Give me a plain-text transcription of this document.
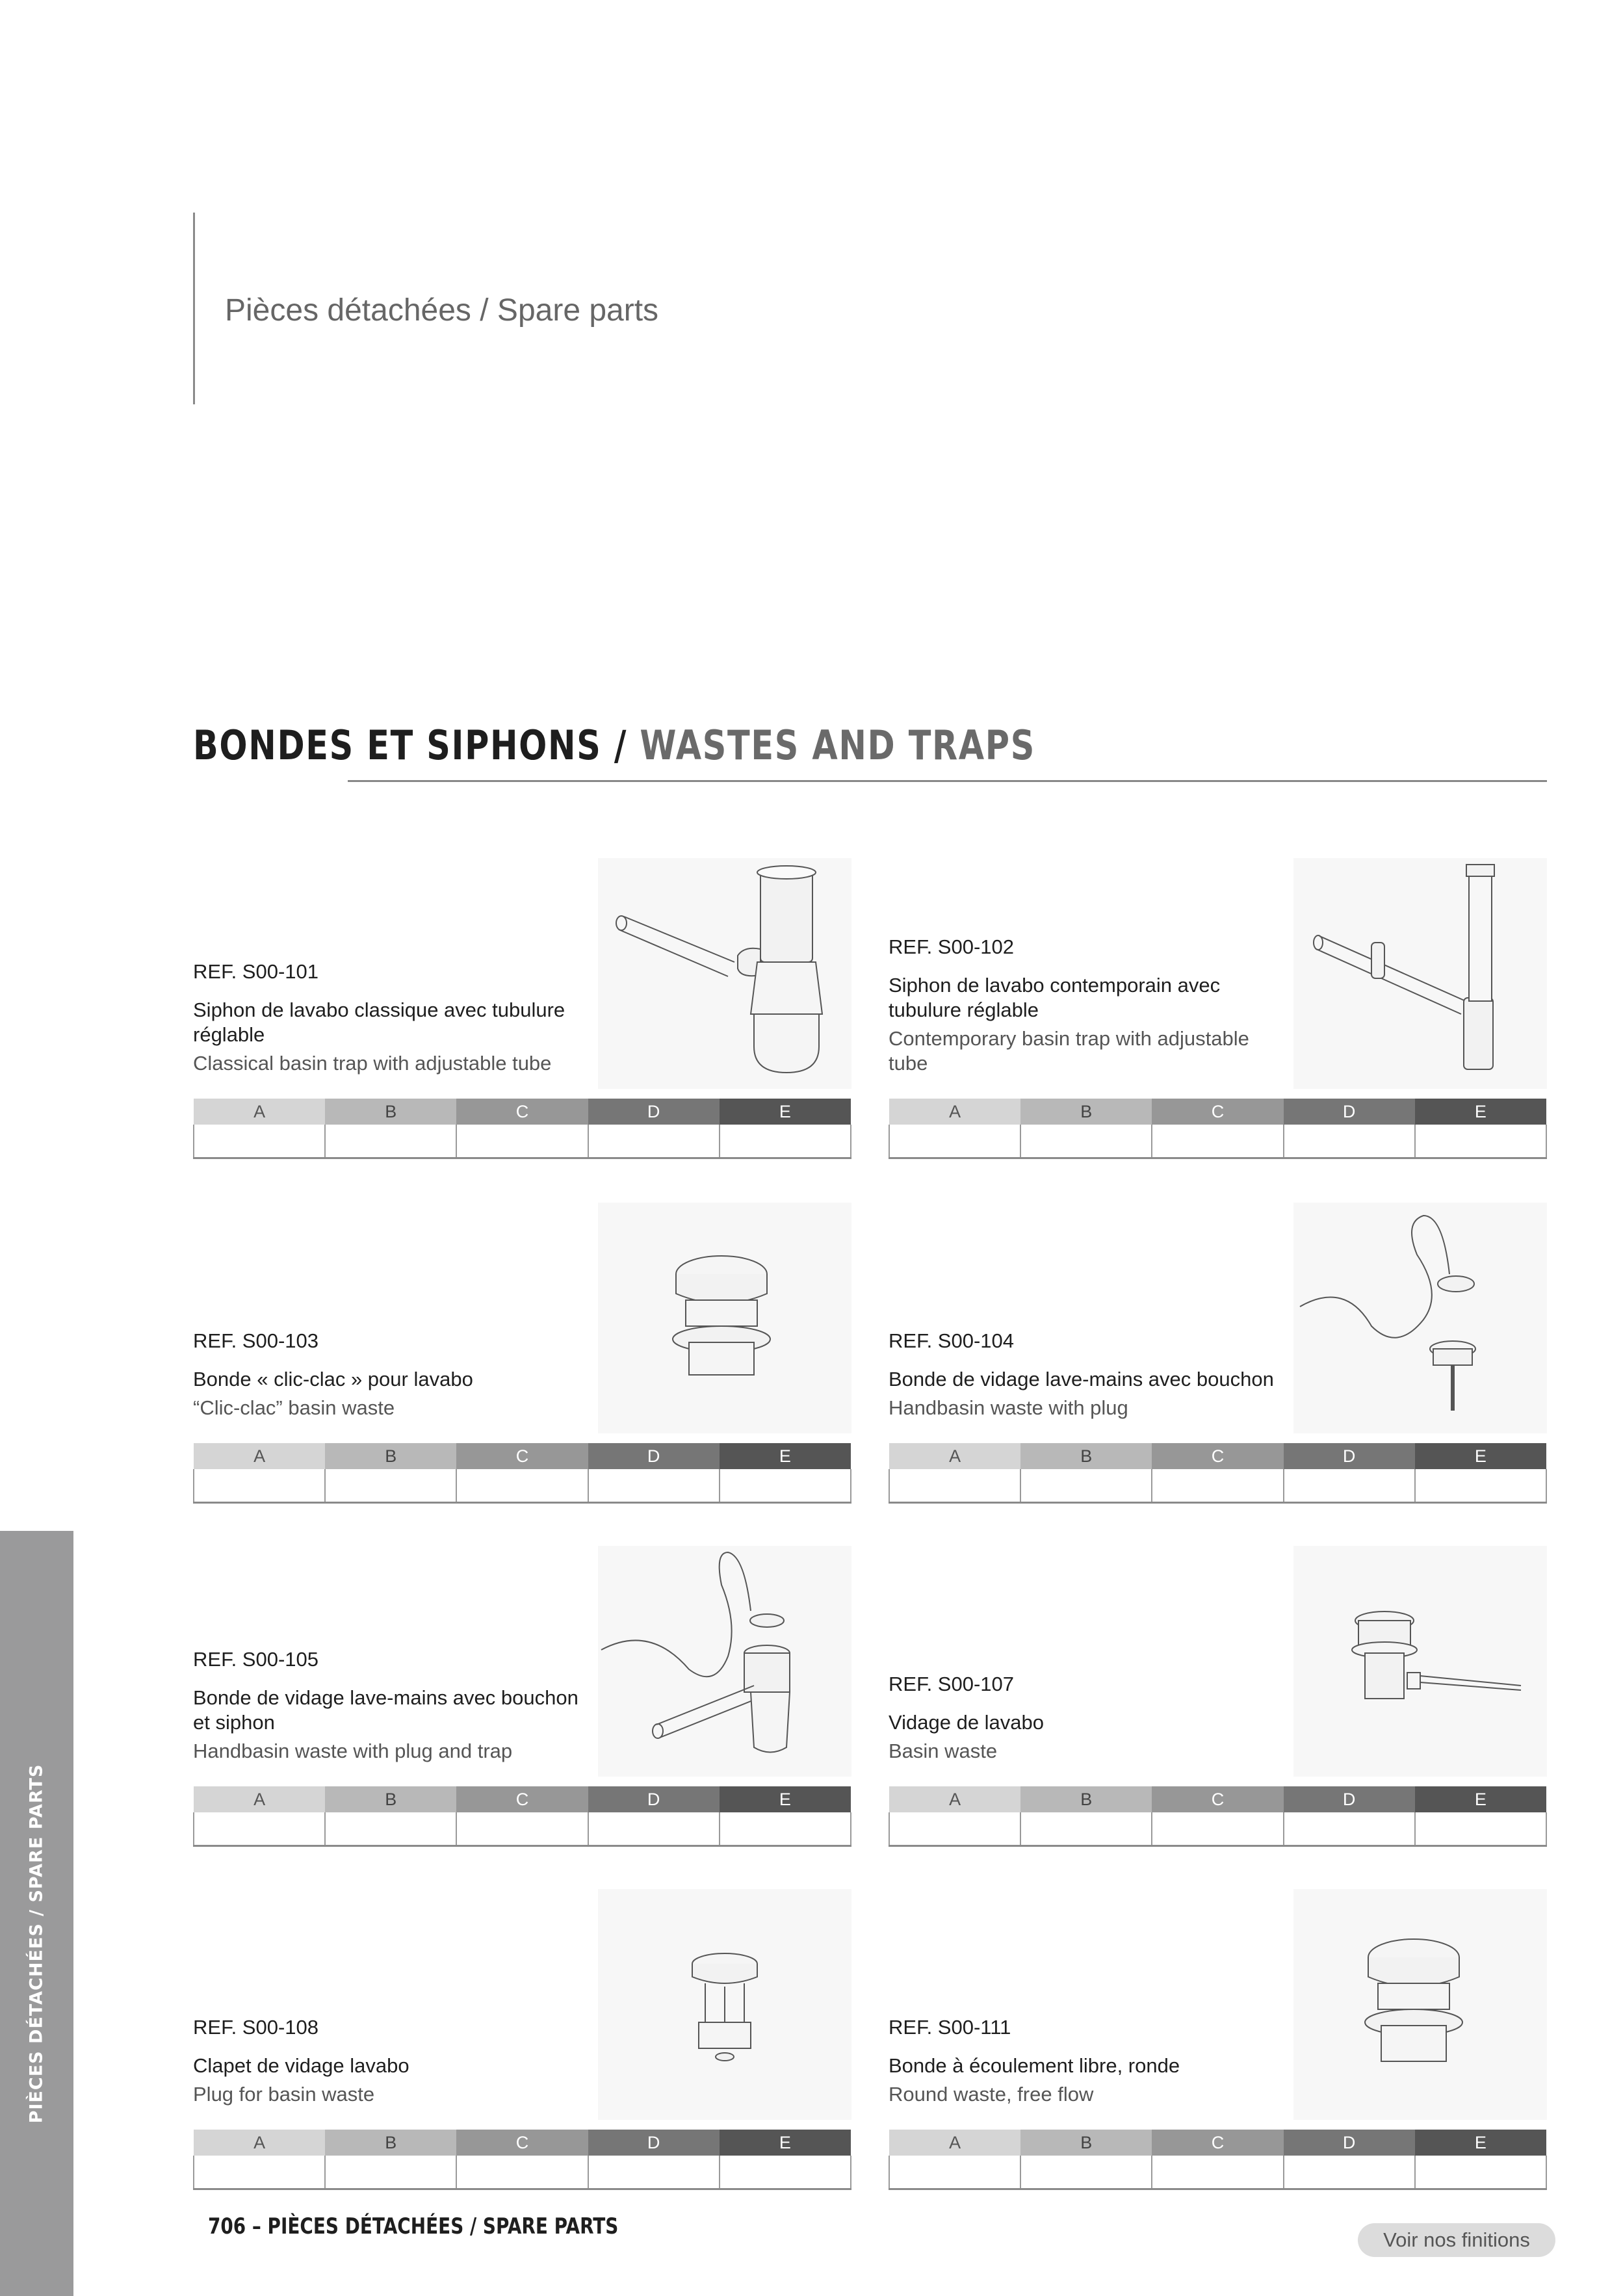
Pièces détachées / Spare parts
BONDES ET SIPHONS / WASTES AND TRAPS
REF. S00-101
Siphon de lavabo classique avec tubulure réglable
Classical basin trap with adjustable tube
A	B	C	D	E

REF. S00-102
Siphon de lavabo contemporain avec tubulure réglable
Contemporary basin trap with adjustable tube
A	B	C	D	E

REF. S00-103
Bonde « clic-clac » pour lavabo
“Clic-clac” basin waste
A	B	C	D	E

REF. S00-104
Bonde de vidage lave-mains avec bouchon
Handbasin waste with plug
A	B	C	D	E

REF. S00-105
Bonde de vidage lave-mains avec bouchon et siphon
Handbasin waste with plug and trap
A	B	C	D	E

REF. S00-107
Vidage de lavabo
Basin waste
A	B	C	D	E

REF. S00-108
Clapet de vidage lavabo
Plug for basin waste
A	B	C	D	E

REF. S00-111
Bonde à écoulement libre, ronde
Round waste, free flow
A	B	C	D	E

PIÈCES DÉTACHÉES / SPARE PARTS
706 – PIÈCES DÉTACHÉES / SPARE PARTS
Voir nos finitions
